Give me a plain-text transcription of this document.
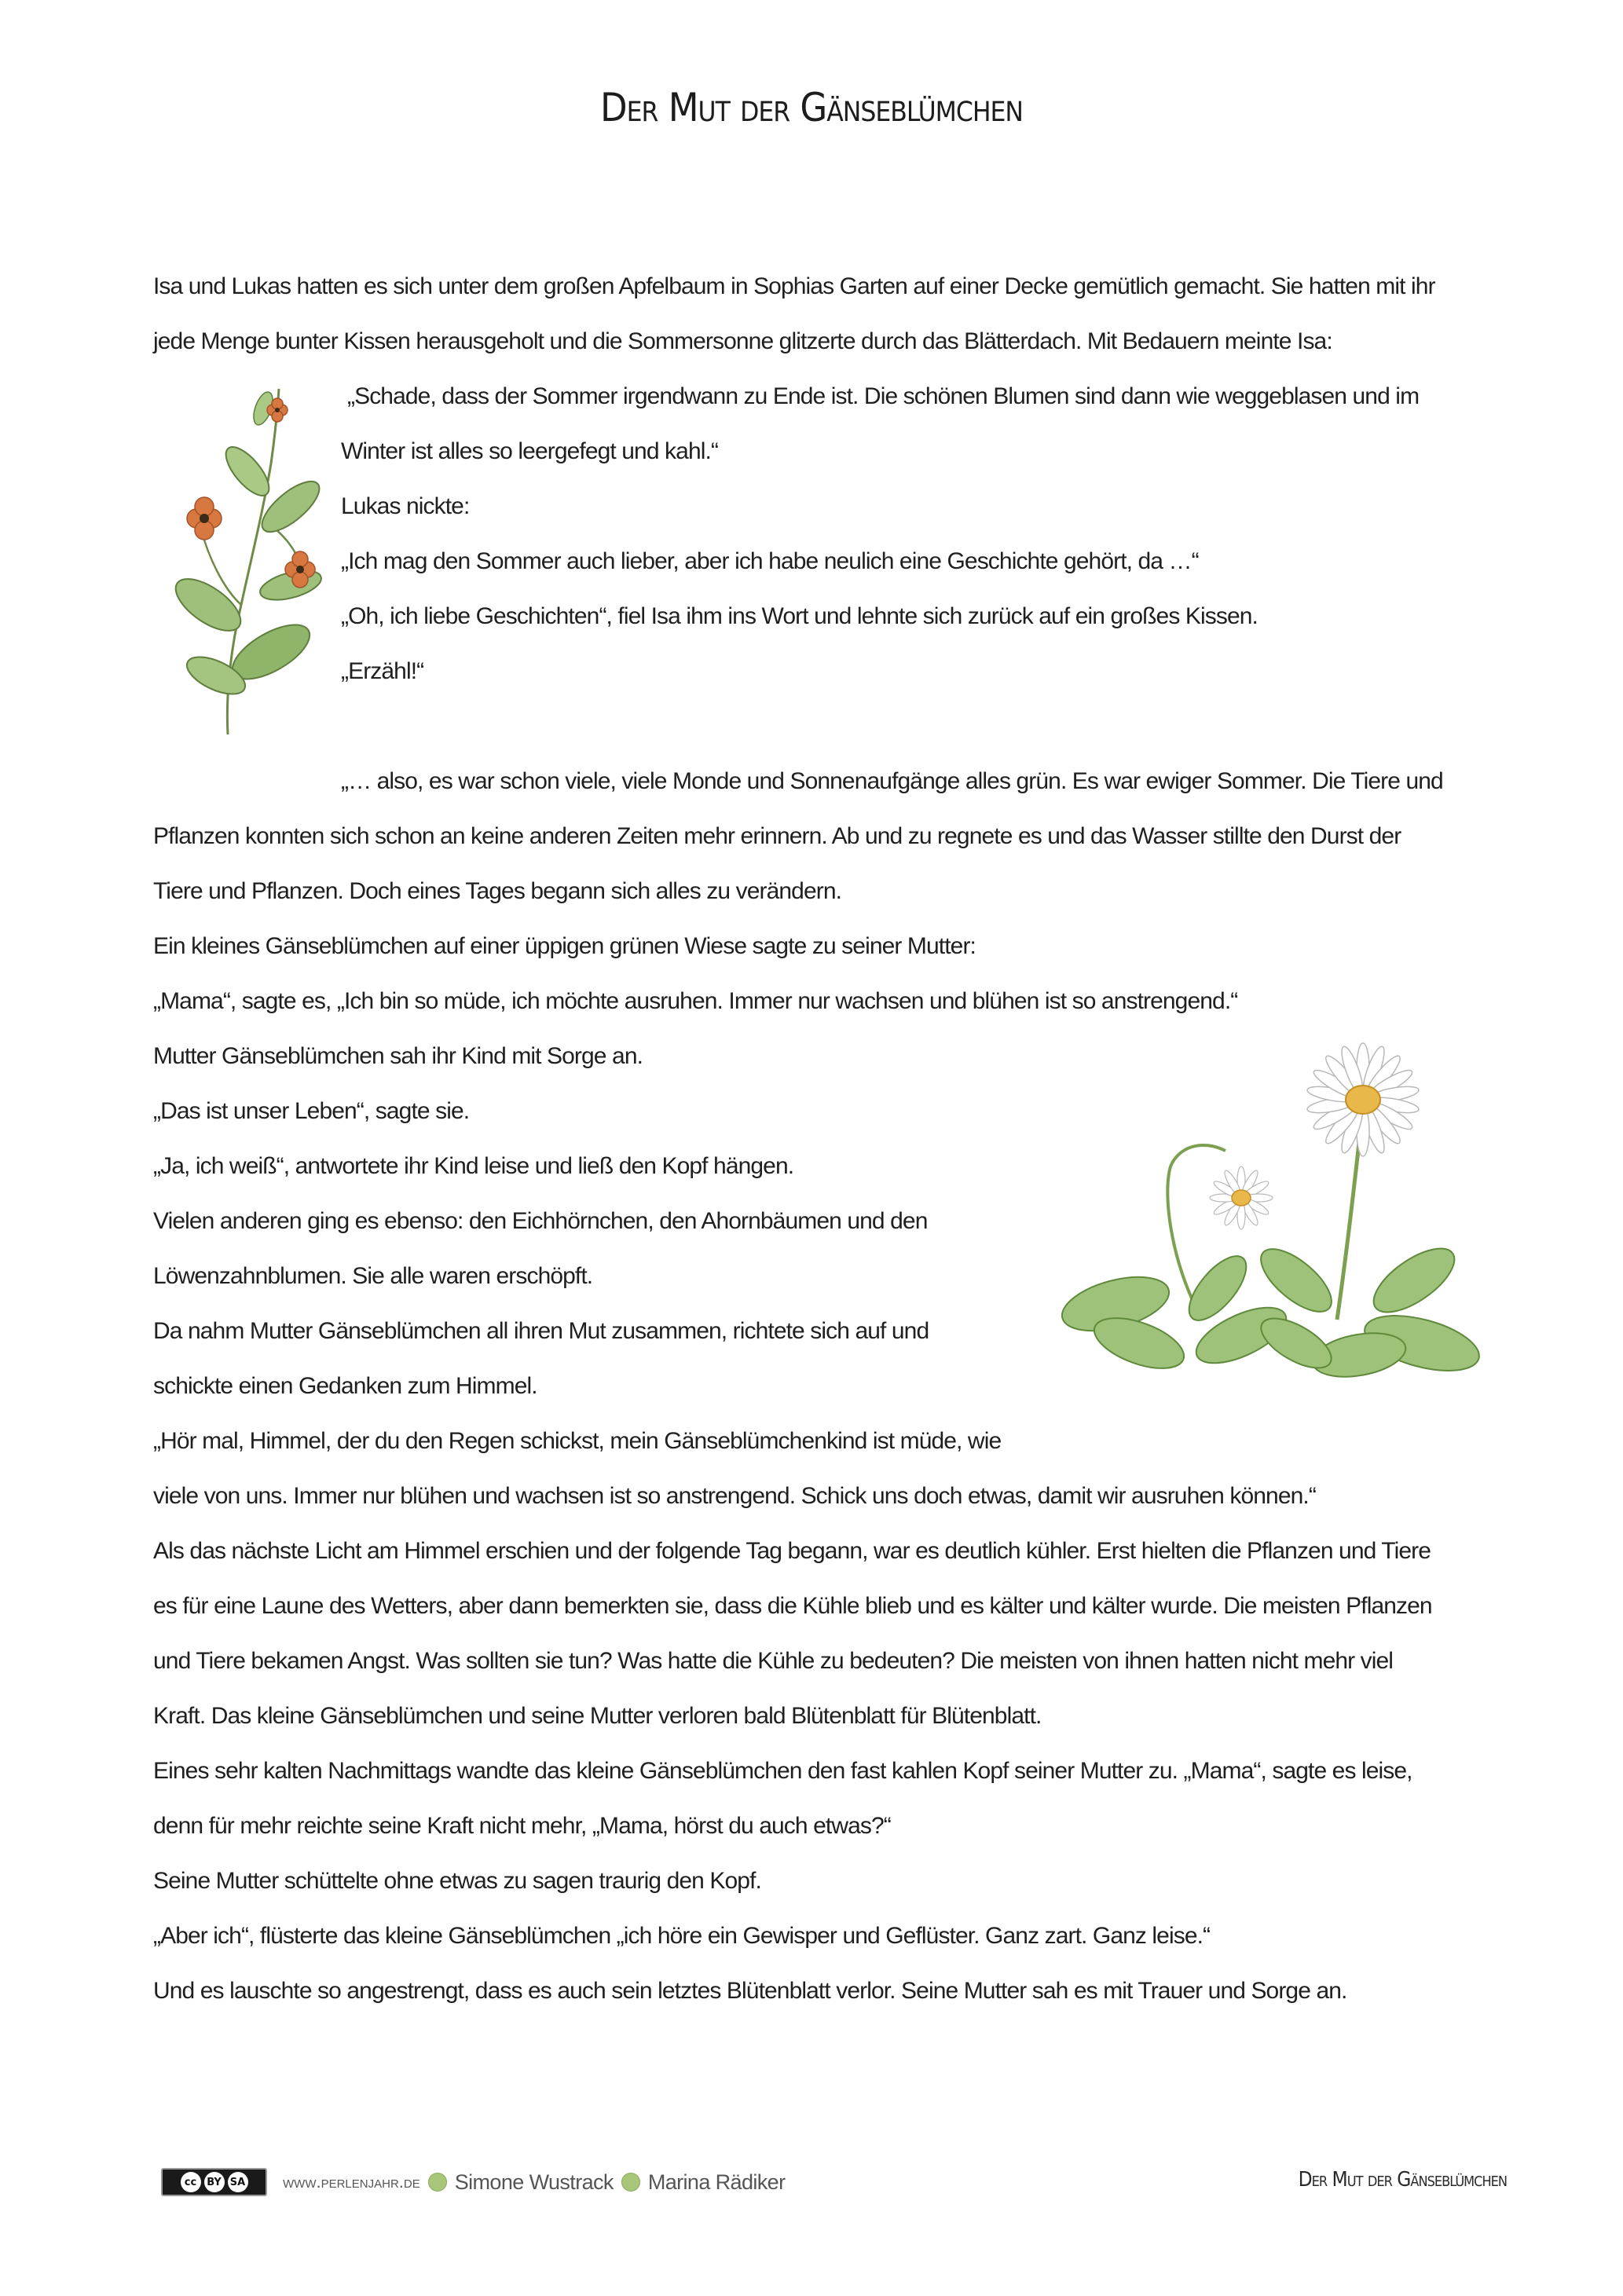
Der Mut der Gänseblümchen
Isa und Lukas hatten es sich unter dem großen Apfelbaum in Sophias Garten auf einer Decke gemütlich gemacht. Sie hatten mit ihr
jede Menge bunter Kissen herausgeholt und die Sommersonne glitzerte durch das Blätterdach. Mit Bedauern meinte Isa:
„Schade, dass der Sommer irgendwann zu Ende ist. Die schönen Blumen sind dann wie weggeblasen und im
Winter ist alles so leergefegt und kahl.“
Lukas nickte:
„Ich mag den Sommer auch lieber, aber ich habe neulich eine Geschichte gehört, da …“
„Oh, ich liebe Geschichten“, fiel Isa ihm ins Wort und lehnte sich zurück auf ein großes Kissen.
„Erzähl!“
„… also, es war schon viele, viele Monde und Sonnenaufgänge alles grün. Es war ewiger Sommer. Die Tiere und
Pflanzen konnten sich schon an keine anderen Zeiten mehr erinnern. Ab und zu regnete es und das Wasser stillte den Durst der
Tiere und Pflanzen. Doch eines Tages begann sich alles zu verändern.
Ein kleines Gänseblümchen auf einer üppigen grünen Wiese sagte zu seiner Mutter:
„Mama“, sagte es, „Ich bin so müde, ich möchte ausruhen. Immer nur wachsen und blühen ist so anstrengend.“
Mutter Gänseblümchen sah ihr Kind mit Sorge an.
„Das ist unser Leben“, sagte sie.
„Ja, ich weiß“, antwortete ihr Kind leise und ließ den Kopf hängen.
Vielen anderen ging es ebenso: den Eichhörnchen, den Ahornbäumen und den
Löwenzahnblumen. Sie alle waren erschöpft.
Da nahm Mutter Gänseblümchen all ihren Mut zusammen, richtete sich auf und
schickte einen Gedanken zum Himmel.
„Hör mal, Himmel, der du den Regen schickst, mein Gänseblümchenkind ist müde, wie
viele von uns. Immer nur blühen und wachsen ist so anstrengend. Schick uns doch etwas, damit wir ausruhen können.“
Als das nächste Licht am Himmel erschien und der folgende Tag begann, war es deutlich kühler. Erst hielten die Pflanzen und Tiere
es für eine Laune des Wetters, aber dann bemerkten sie, dass die Kühle blieb und es kälter und kälter wurde. Die meisten Pflanzen
und Tiere bekamen Angst. Was sollten sie tun? Was hatte die Kühle zu bedeuten? Die meisten von ihnen hatten nicht mehr viel
Kraft. Das kleine Gänseblümchen und seine Mutter verloren bald Blütenblatt für Blütenblatt.
Eines sehr kalten Nachmittags wandte das kleine Gänseblümchen den fast kahlen Kopf seiner Mutter zu. „Mama“, sagte es leise,
denn für mehr reichte seine Kraft nicht mehr, „Mama, hörst du auch etwas?“
Seine Mutter schüttelte ohne etwas zu sagen traurig den Kopf.
„Aber ich“, flüsterte das kleine Gänseblümchen „ich höre ein Gewisper und Geflüster. Ganz zart. Ganz leise.“
Und es lauschte so angestrengt, dass es auch sein letztes Blütenblatt verlor. Seine Mutter sah es mit Trauer und Sorge an.
cc BY SA www.perlenjahr.de Simone Wustrack Marina Rädiker	Der Mut der Gänseblümchen
